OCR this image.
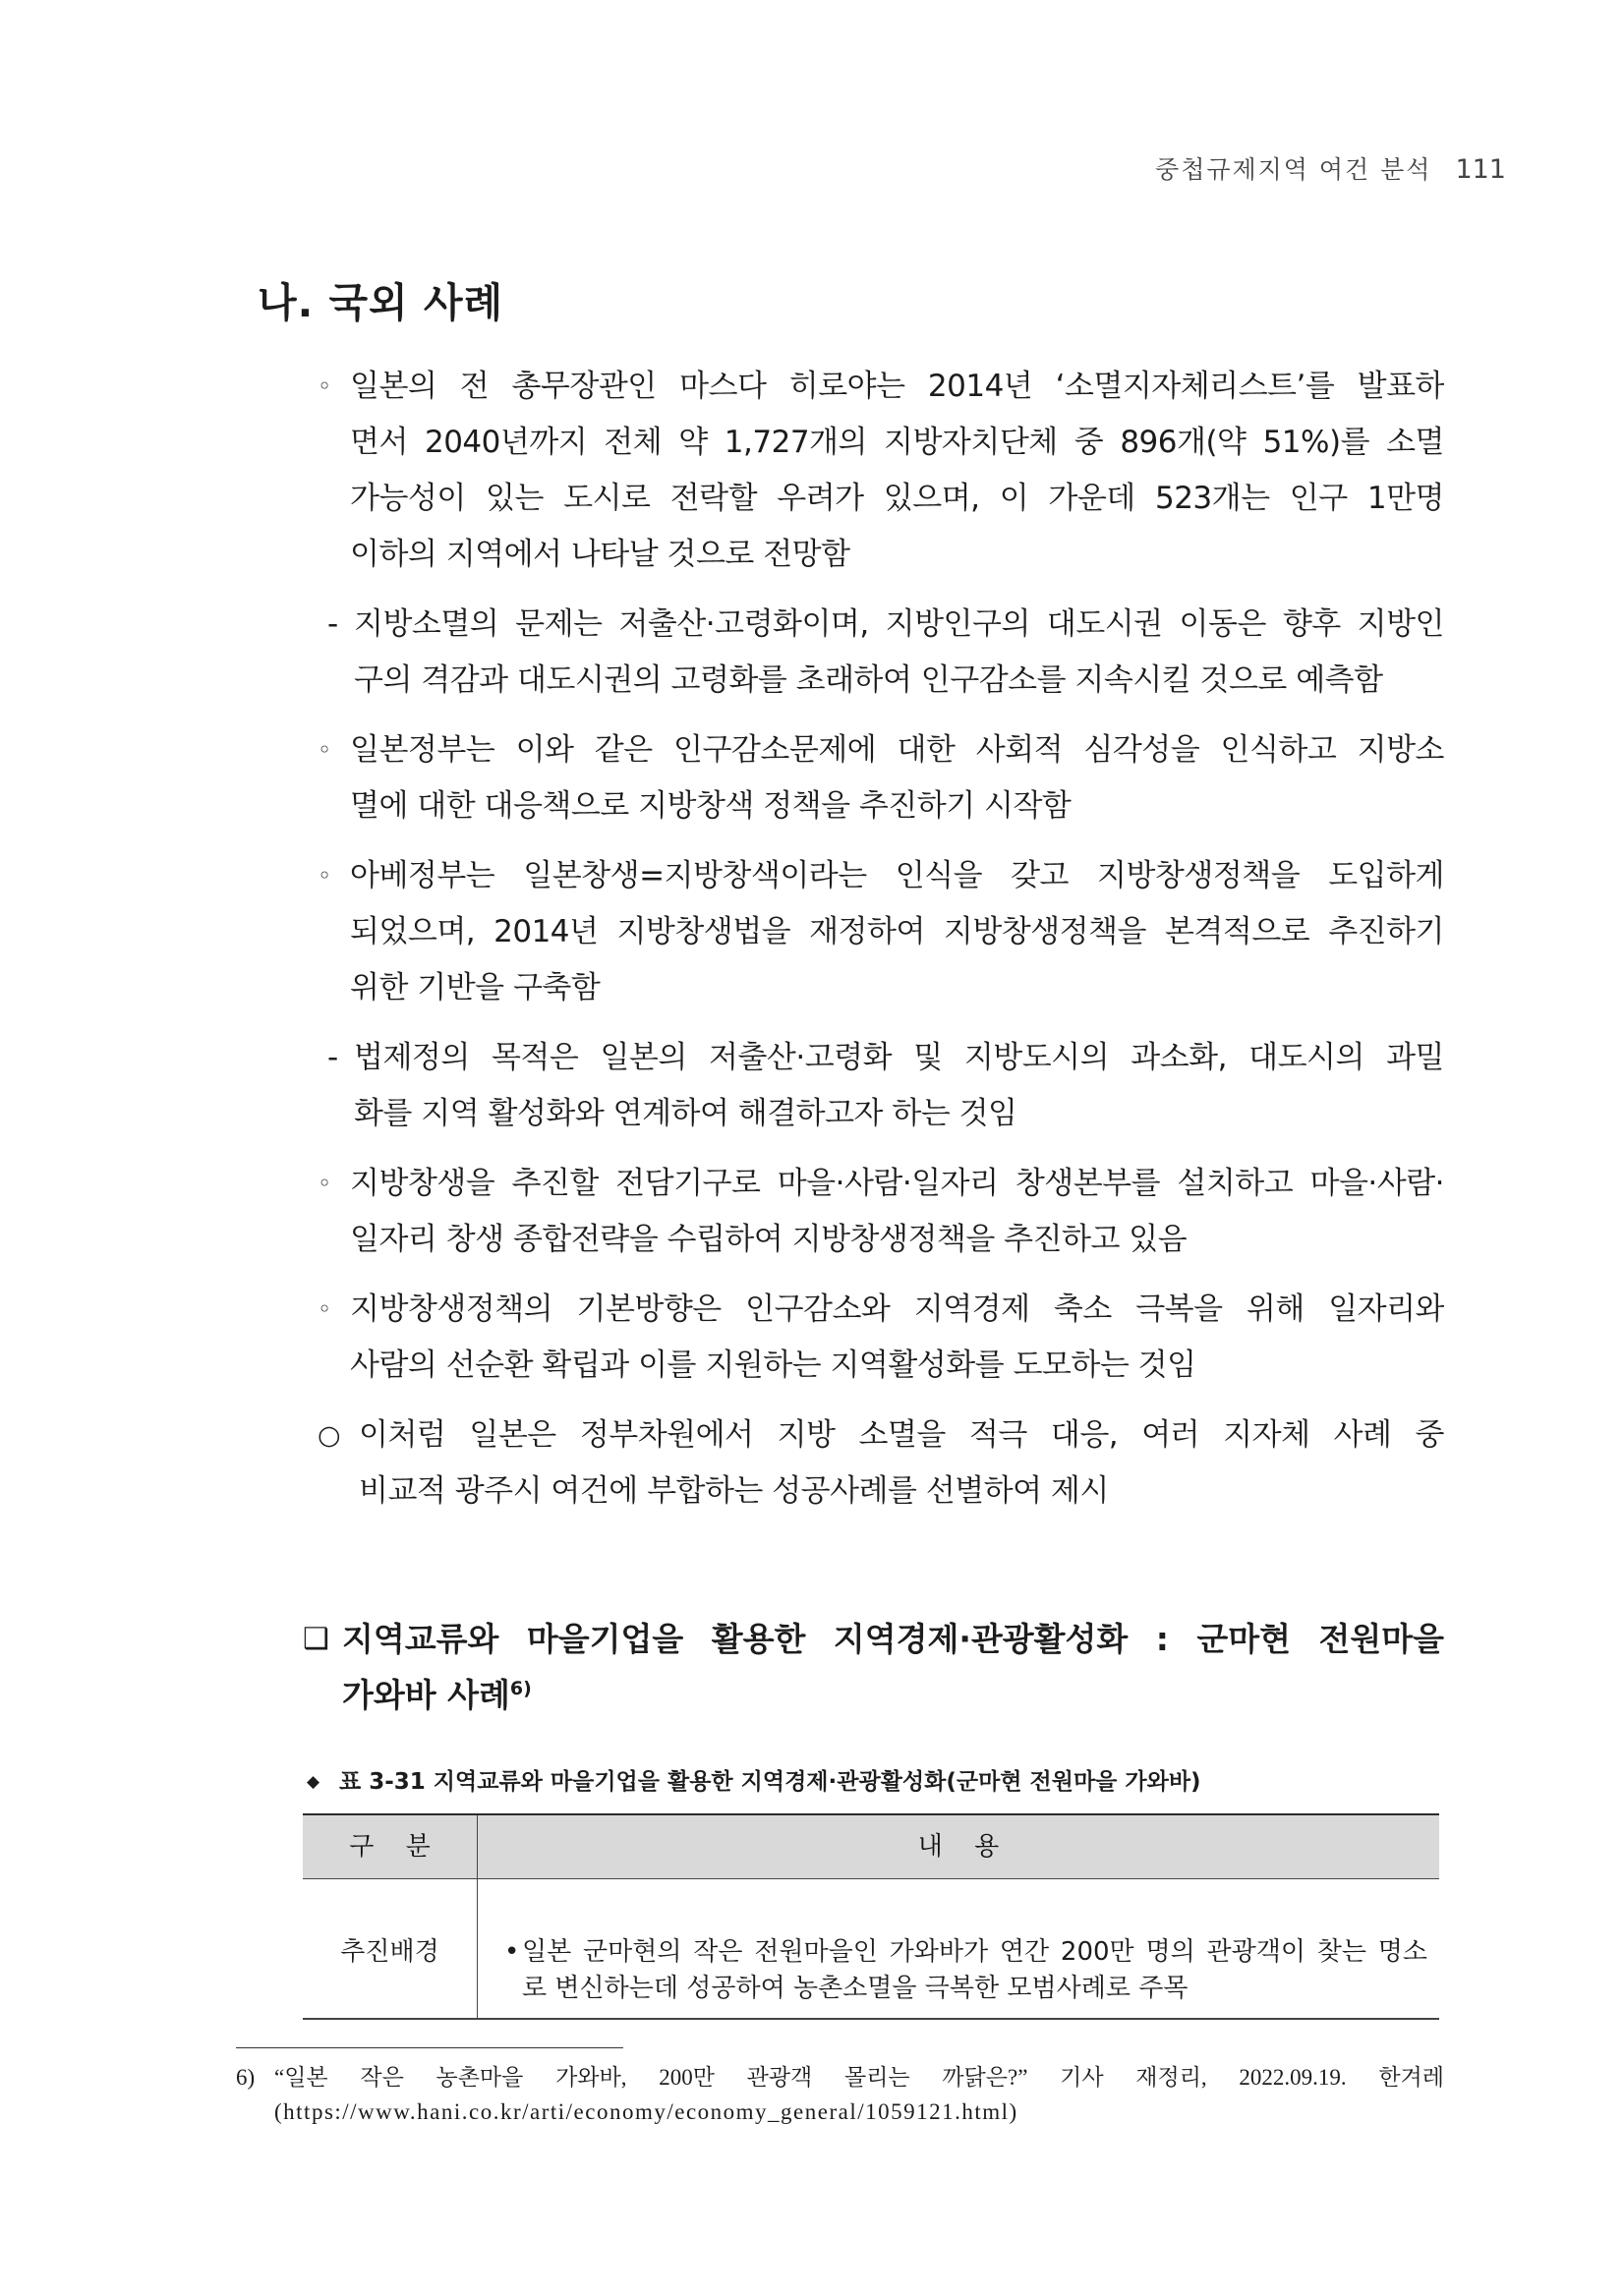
중첩규제지역 여건 분석 111
나. 국외 사례
◦ 일본의 전 총무장관인 마스다 히로야는 2014년 ‘소멸지자체리스트’를 발표하
면서 2040년까지 전체 약 1,727개의 지방자치단체 중 896개(약 51%)를 소멸
가능성이 있는 도시로 전락할 우려가 있으며, 이 가운데 523개는 인구 1만명
이하의 지역에서 나타날 것으로 전망함
- 지방소멸의 문제는 저출산·고령화이며, 지방인구의 대도시권 이동은 향후 지방인
구의 격감과 대도시권의 고령화를 초래하여 인구감소를 지속시킬 것으로 예측함
◦ 일본정부는 이와 같은 인구감소문제에 대한 사회적 심각성을 인식하고 지방소
멸에 대한 대응책으로 지방창색 정책을 추진하기 시작함
◦ 아베정부는 일본창생=지방창색이라는 인식을 갖고 지방창생정책을 도입하게
되었으며, 2014년 지방창생법을 재정하여 지방창생정책을 본격적으로 추진하기
위한 기반을 구축함
- 법제정의 목적은 일본의 저출산·고령화 및 지방도시의 과소화, 대도시의 과밀
화를 지역 활성화와 연계하여 해결하고자 하는 것임
◦ 지방창생을 추진할 전담기구로 마을·사람·일자리 창생본부를 설치하고 마을·사람·
일자리 창생 종합전략을 수립하여 지방창생정책을 추진하고 있음
◦ 지방창생정책의 기본방향은 인구감소와 지역경제 축소 극복을 위해 일자리와
사람의 선순환 확립과 이를 지원하는 지역활성화를 도모하는 것임
○ 이처럼 일본은 정부차원에서 지방 소멸을 적극 대응, 여러 지자체 사례 중
비교적 광주시 여건에 부합하는 성공사례를 선별하여 제시
❑ 지역교류와 마을기업을 활용한 지역경제·관광활성화 : 군마현 전원마을
가와바 사례$^{6)}$
◆ 표 3-31 지역교류와 마을기업을 활용한 지역경제·관광활성화(군마현 전원마을 가와바)
구 분	내 용
추진배경	• 일본 군마현의 작은 전원마을인 가와바가 연간 200만 명의 관광객이 찾는 명소
로 변신하는데 성공하여 농촌소멸을 극복한 모범사례로 주목
6) “일본 작은 농촌마을 가와바, 200만 관광객 몰리는 까닭은?” 기사 재정리, 2022.09.19. 한겨레
(https://www.hani.co.kr/arti/economy/economy_general/1059121.html)
